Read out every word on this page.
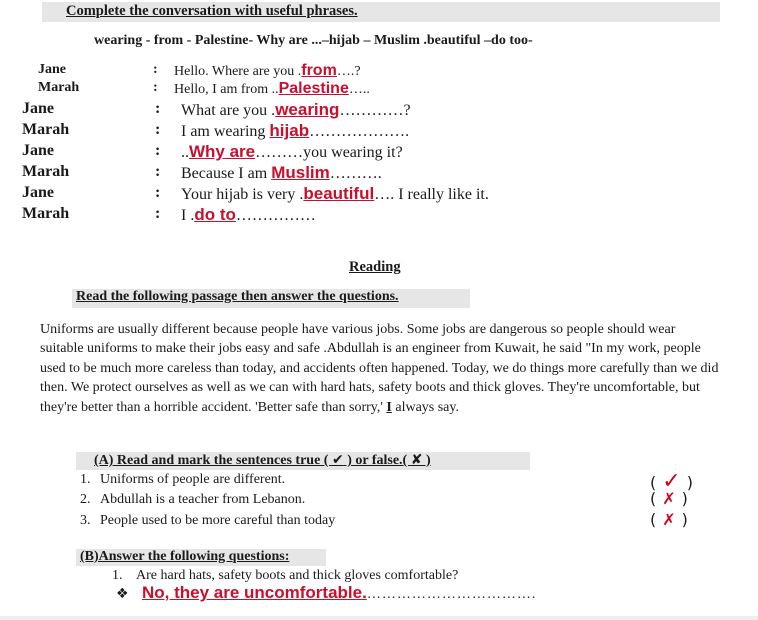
Complete the conversation with useful phrases.
wearing - from - Palestine- Why are ...–hijab – Muslim .beautiful –do too-
Jane	: Hello. Where are you .from….?
Marah	: Hello, I am from ..Palestine…..
Jane	: What are you .wearing…………?
Marah	: I am wearing hijab……………….
Jane	: ..Why are………you wearing it?
Marah	: Because I am Muslim……….
Jane	: Your hijab is very .beautiful…. I really like it.
Marah	: I .do to……………
Reading
Read the following passage then answer the questions.

Uniforms are usually different because people have various jobs. Some jobs are dangerous so people should wear suitable uniforms to make their jobs easy and safe .Abdullah is an engineer from Kuwait, he said "In my work, people used to be much more careless than today, and accidents often happened. Today, we do things more carefully than we did then. We protect ourselves as well as we can with hard hats, safety boots and thick gloves. They're uncomfortable, but they're better than a horrible accident. 'Better safe than sorry,' I always say.

(A) Read and mark the sentences true ( ✔ ) or false.( ✘ )
1. Uniforms of people are different.	( ✓ )
2. Abdullah is a teacher from Lebanon.	( ✗ )
3. People used to be more careful than today	( ✗ )
(B)Answer the following questions:
1. Are hard hats, safety boots and thick gloves comfortable?
❖ No, they are uncomfortable.…………………………….
